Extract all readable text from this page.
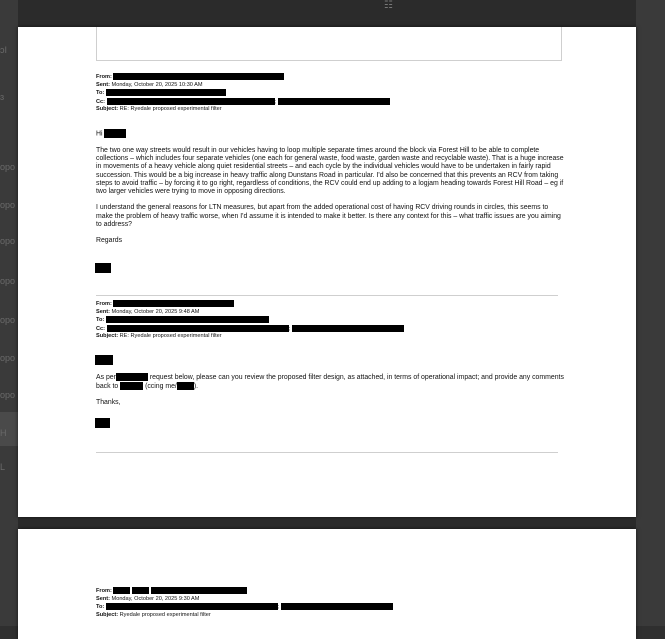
☷
ɔI
ɜ
opo
opo
opo
opo
opo
opo
opo
H
L
From:
Sent: Monday, October 20, 2025 10:30 AM
To:
Cc:	;
Subject: RE: Ryedale proposed experimental filter

Hi

The two one way streets would result in our vehicles having to loop multiple separate times around the block via Forest Hill to be able to complete collections – which includes four separate vehicles (one each for general waste, food waste, garden waste and recyclable waste). That is a huge increase in movements of a heavy vehicle along quiet residential streets – and each cycle by the individual vehicles would have to be undertaken in fairly rapid succession. This would be a big increase in heavy traffic along Dunstans Road in particular. I'd also be concerned that this prevents an RCV from taking steps to avoid traffic – by forcing it to go right, regardless of conditions, the RCV could end up adding to a logjam heading towards Forest Hill Road – eg if two larger vehicles were trying to move in opposing directions.

I understand the general reasons for LTN measures, but apart from the added operational cost of having RCV driving rounds in circles, this seems to make the problem of heavy traffic worse, when I'd assume it is intended to make it better. Is there any context for this – what traffic issues are you aiming to address?

Regards

From:
Sent: Monday, October 20, 2025 9:48 AM
To:
Cc:	;
Subject: RE: Ryedale proposed experimental filter

As per	request below, please can you review the proposed filter design, as attached, in terms of operational impact; and provide any comments back to	(ccing me/ ).

Thanks,

From:
Sent: Monday, October 20, 2025 9:30 AM
To:	;
Subject: Ryedale proposed experimental filter
